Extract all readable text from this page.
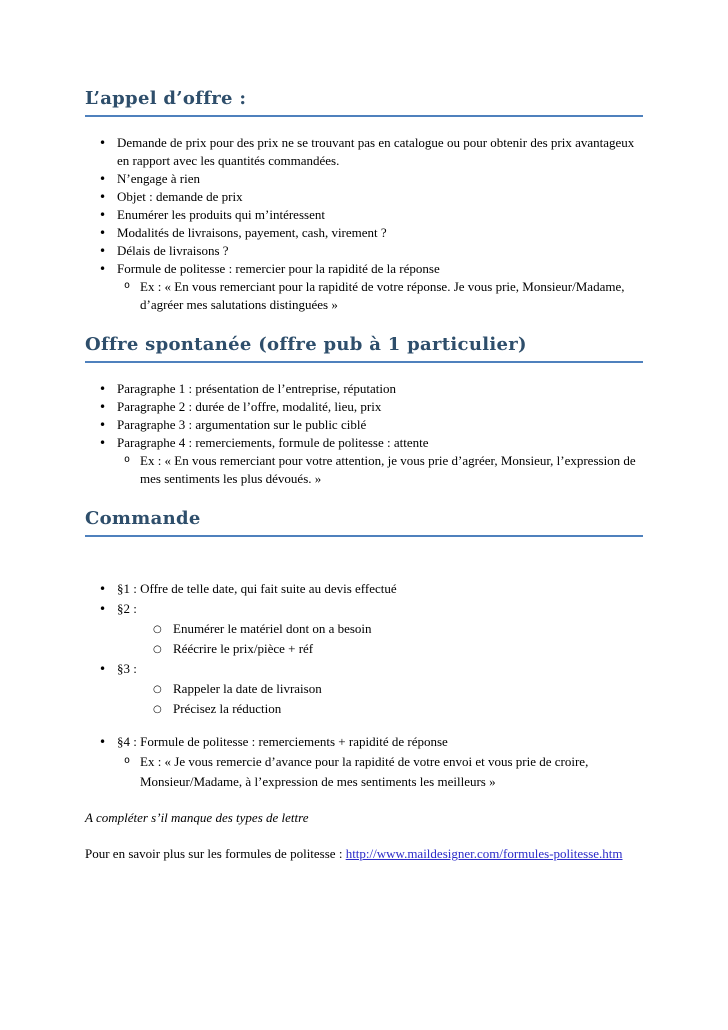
L’appel d’offre :
• Demande de prix pour des prix ne se trouvant pas en catalogue ou pour obtenir des prix avantageux en rapport avec les quantités commandées.
• N’engage à rien
• Objet : demande de prix
• Enumérer les produits qui m’intéressent
• Modalités de livraisons, payement, cash, virement ?
• Délais de livraisons ?
• Formule de politesse : remercier pour la rapidité de la réponse
o Ex : « En vous remerciant pour la rapidité de votre réponse. Je vous prie, Monsieur/Madame, d’agréer mes salutations distinguées »
Offre spontanée (offre pub à 1 particulier)
• Paragraphe 1 : présentation de l’entreprise, réputation
• Paragraphe 2 : durée de l’offre, modalité, lieu, prix
• Paragraphe 3 : argumentation sur le public ciblé
• Paragraphe 4 : remerciements, formule de politesse : attente
o Ex : « En vous remerciant pour votre attention, je vous prie d’agréer, Monsieur, l’expression de mes sentiments les plus dévoués. »
Commande
• §1 : Offre de telle date, qui fait suite au devis effectué
• §2 :
○ Enumérer le matériel dont on a besoin
○ Réécrire le prix/pièce + réf
• §3 :
○ Rappeler la date de livraison
○ Précisez la réduction
• §4 : Formule de politesse : remerciements + rapidité de réponse
o Ex : « Je vous remercie d’avance pour la rapidité de votre envoi et vous prie de croire, Monsieur/Madame, à l’expression de mes sentiments les meilleurs »

A compléter s’il manque des types de lettre

Pour en savoir plus sur les formules de politesse : http://www.maildesigner.com/formules-politesse.htm
